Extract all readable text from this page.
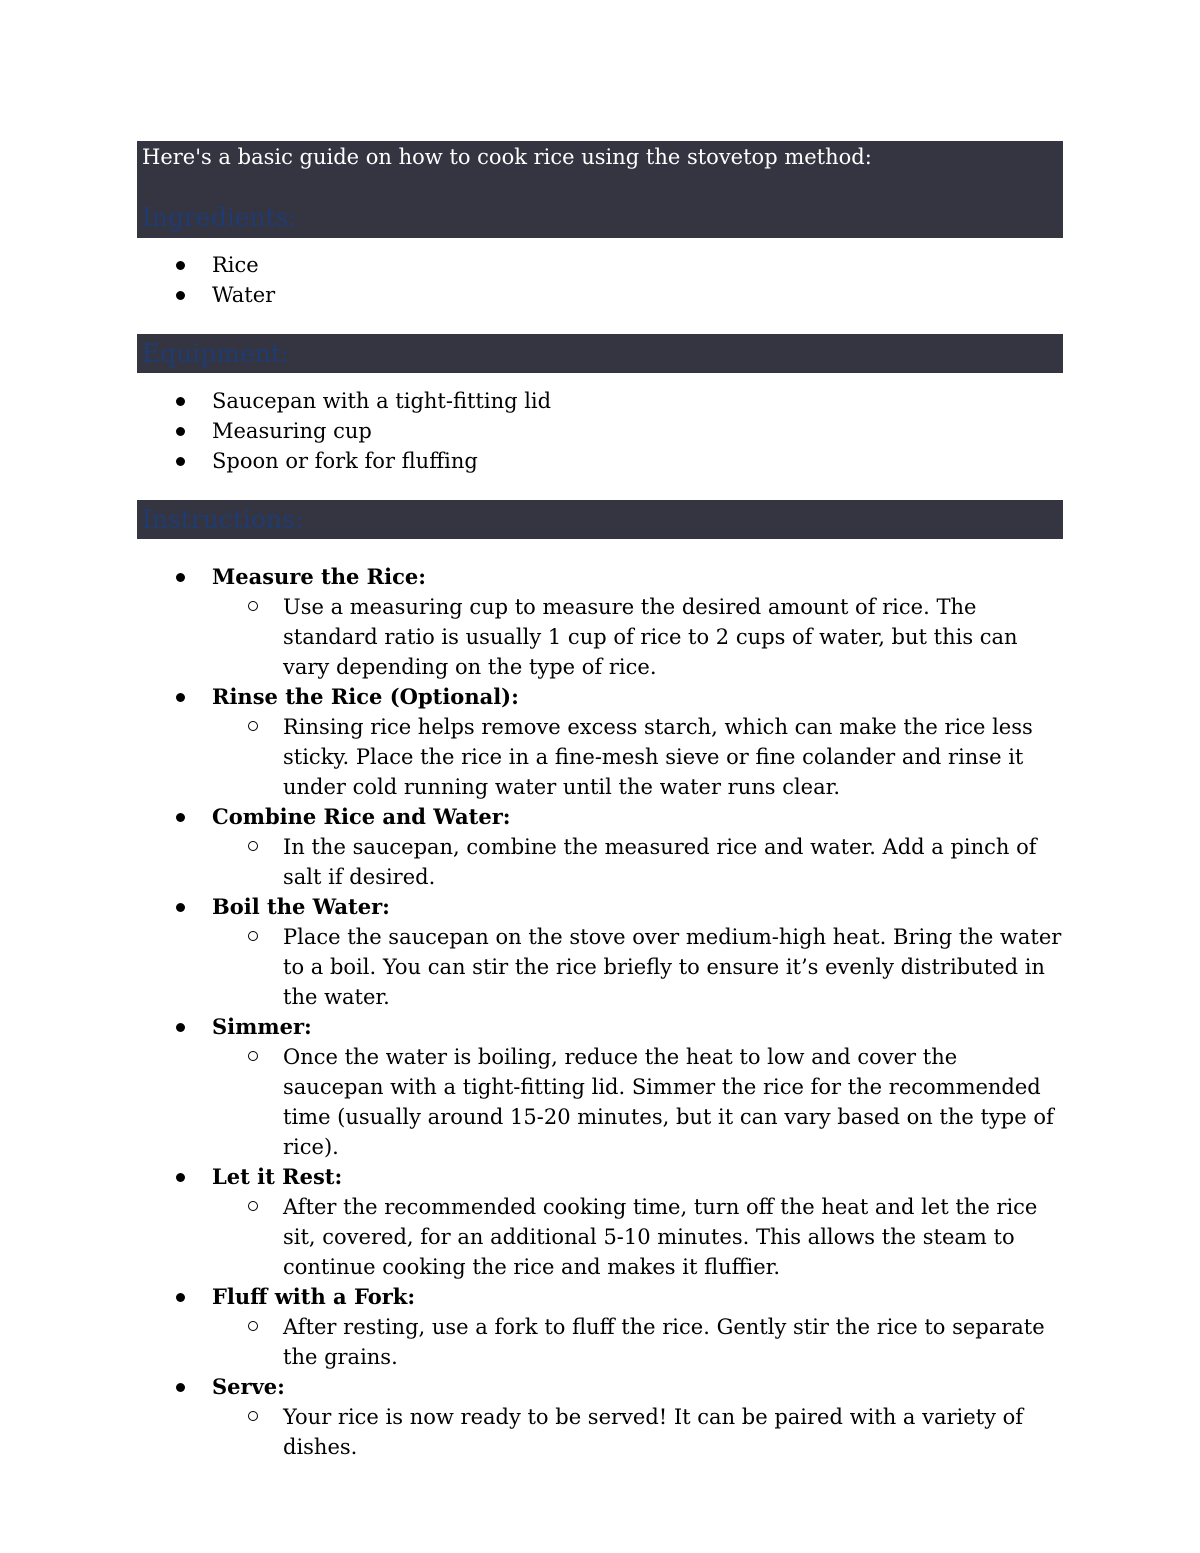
Here's a basic guide on how to cook rice using the stovetop method:
Ingredients:
Rice
Water
Equipment:
Saucepan with a tight-fitting lid
Measuring cup
Spoon or fork for fluffing
Instructions:
Measure the Rice:
Use a measuring cup to measure the desired amount of rice. The standard ratio is usually 1 cup of rice to 2 cups of water, but this can vary depending on the type of rice.
Rinse the Rice (Optional):
Rinsing rice helps remove excess starch, which can make the rice less sticky. Place the rice in a fine-mesh sieve or fine colander and rinse it under cold running water until the water runs clear.
Combine Rice and Water:
In the saucepan, combine the measured rice and water. Add a pinch of salt if desired.
Boil the Water:
Place the saucepan on the stove over medium-high heat. Bring the water to a boil. You can stir the rice briefly to ensure it’s evenly distributed in the water.
Simmer:
Once the water is boiling, reduce the heat to low and cover the saucepan with a tight-fitting lid. Simmer the rice for the recommended time (usually around 15-20 minutes, but it can vary based on the type of rice).
Let it Rest:
After the recommended cooking time, turn off the heat and let the rice sit, covered, for an additional 5-10 minutes. This allows the steam to continue cooking the rice and makes it fluffier.
Fluff with a Fork:
After resting, use a fork to fluff the rice. Gently stir the rice to separate the grains.
Serve:
Your rice is now ready to be served! It can be paired with a variety of dishes.
